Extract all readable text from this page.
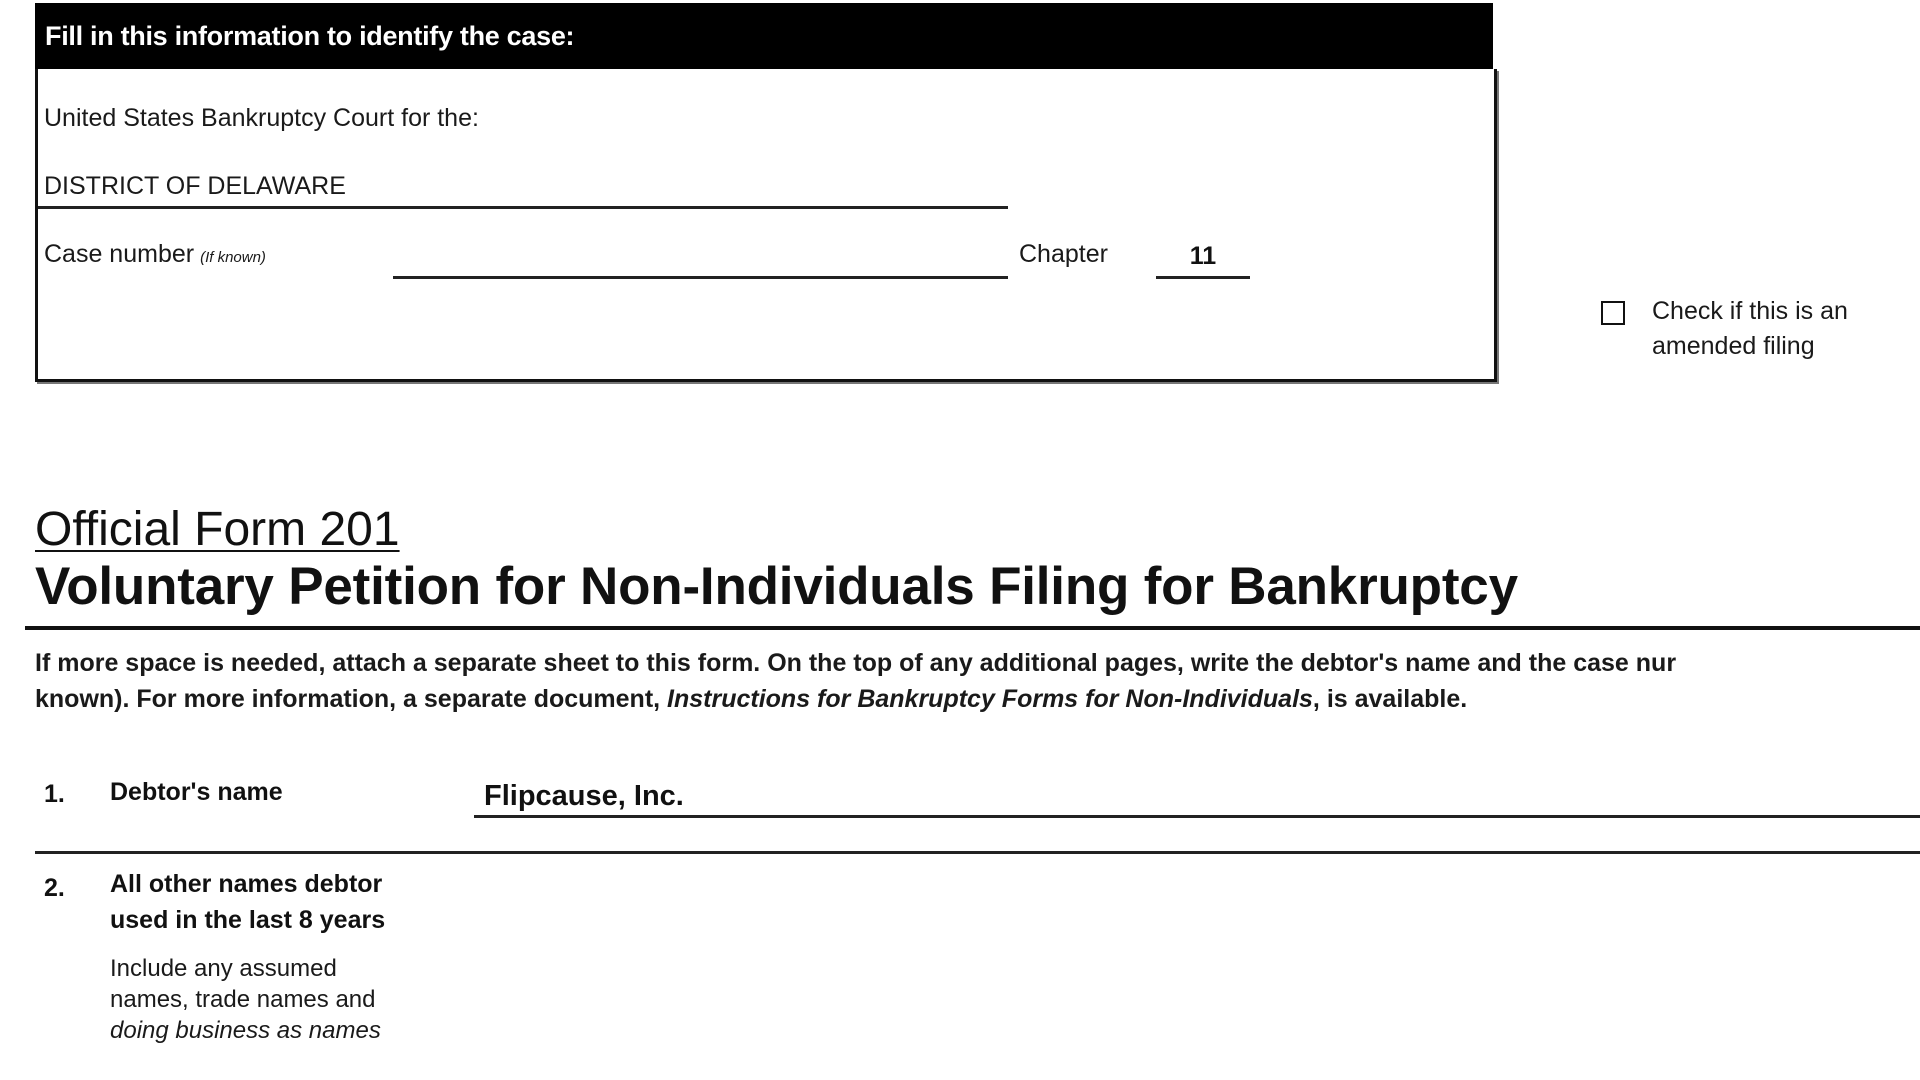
Fill in this information to identify the case:
United States Bankruptcy Court for the:
DISTRICT OF DELAWARE
Case number (If known)	Chapter	11
Check if this is an
amended filing
Official Form 201
Voluntary Petition for Non-Individuals Filing for Bankruptcy

If more space is needed, attach a separate sheet to this form. On the top of any additional pages, write the debtor's name and the case nur

known). For more information, a separate document, Instructions for Bankruptcy Forms for Non-Individuals, is available.

1. Debtor's name	Flipcause, Inc.
2. All other names debtor
used in the last 8 years
Include any assumed
names, trade names and
doing business as names
